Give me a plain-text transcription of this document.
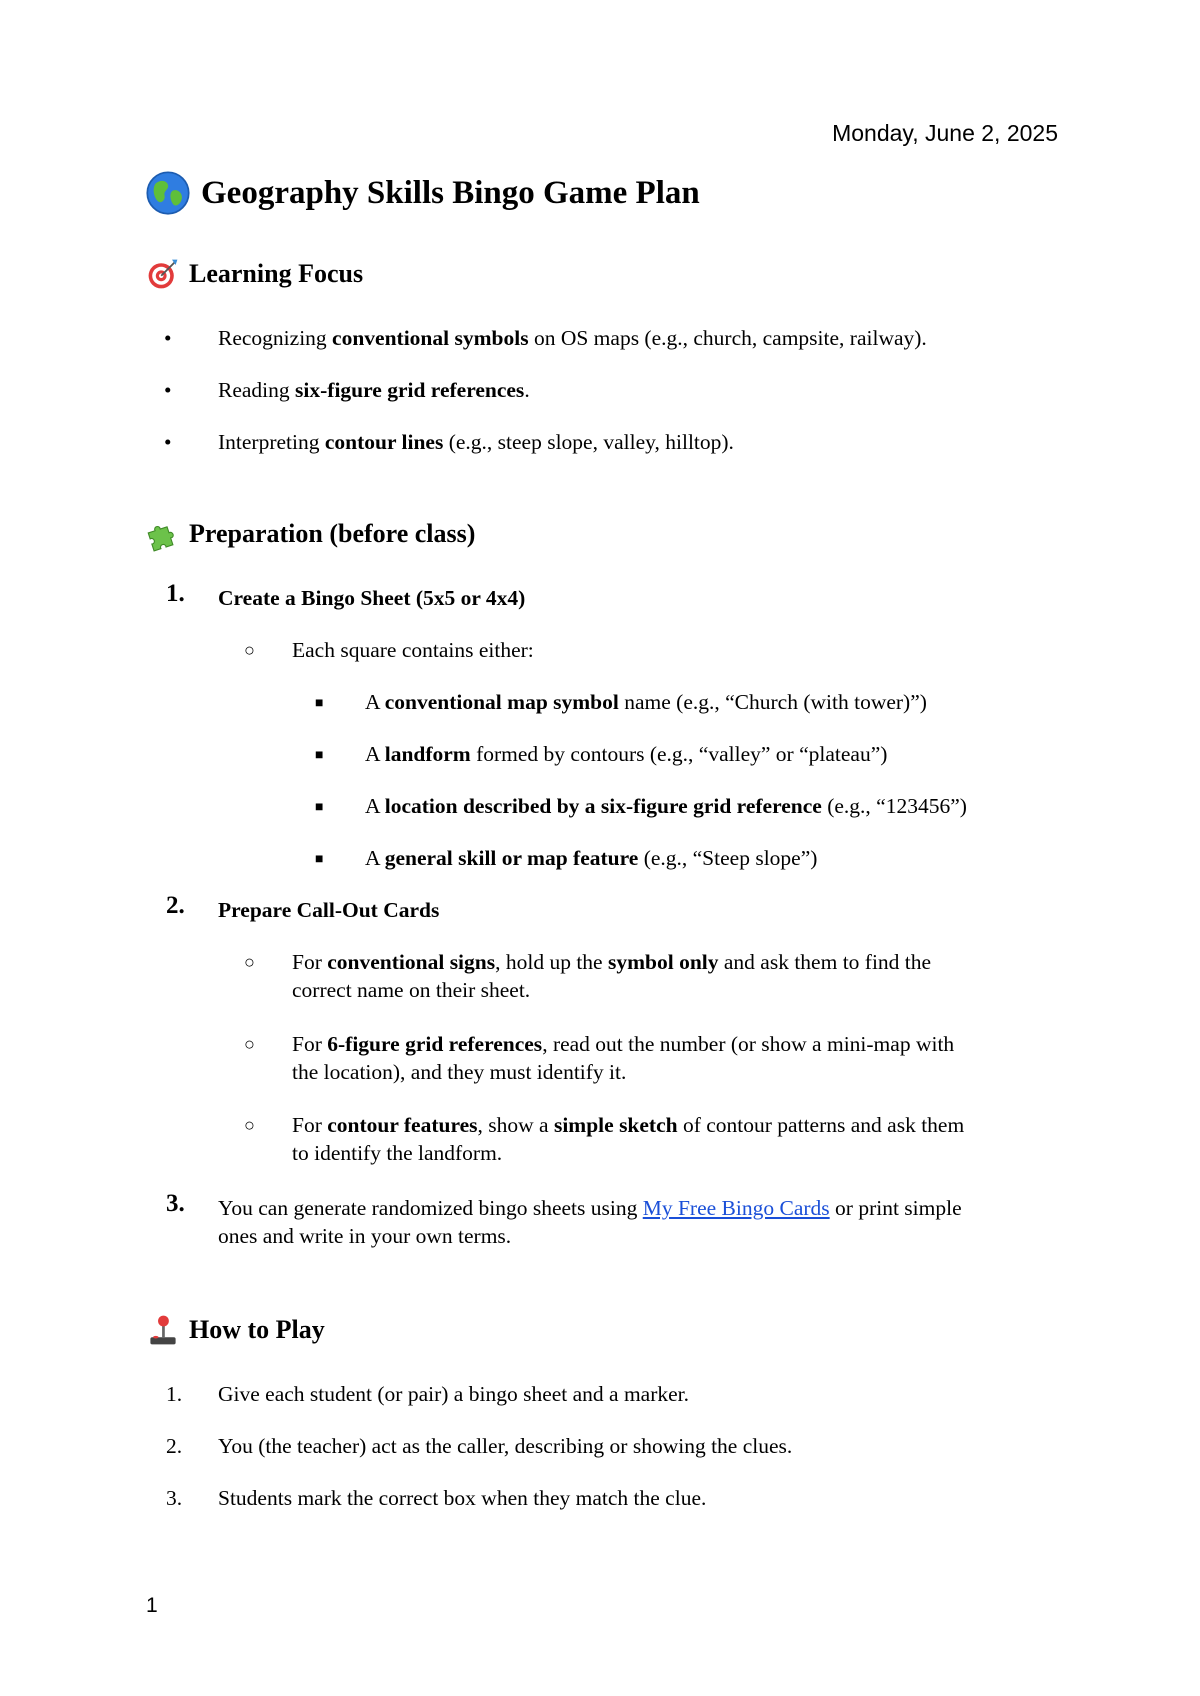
Monday, June 2, 2025
Geography Skills Bingo Game Plan
Learning Focus
• Recognizing conventional symbols on OS maps (e.g., church, campsite, railway).
• Reading six-figure grid references.
• Interpreting contour lines (e.g., steep slope, valley, hilltop).
Preparation (before class)
1. Create a Bingo Sheet (5x5 or 4x4)
○ Each square contains either:
■ A conventional map symbol name (e.g., “Church (with tower)”)
■ A landform formed by contours (e.g., “valley” or “plateau”)
■ A location described by a six-figure grid reference (e.g., “123456”)
■ A general skill or map feature (e.g., “Steep slope”)
2. Prepare Call-Out Cards
○ For conventional signs, hold up the symbol only and ask them to find the
correct name on their sheet.
○ For 6-figure grid references, read out the number (or show a mini-map with
the location), and they must identify it.
○ For contour features, show a simple sketch of contour patterns and ask them
to identify the landform.
3. You can generate randomized bingo sheets using My Free Bingo Cards or print simple
ones and write in your own terms.
How to Play
1. Give each student (or pair) a bingo sheet and a marker.
2. You (the teacher) act as the caller, describing or showing the clues.
3. Students mark the correct box when they match the clue.
1
